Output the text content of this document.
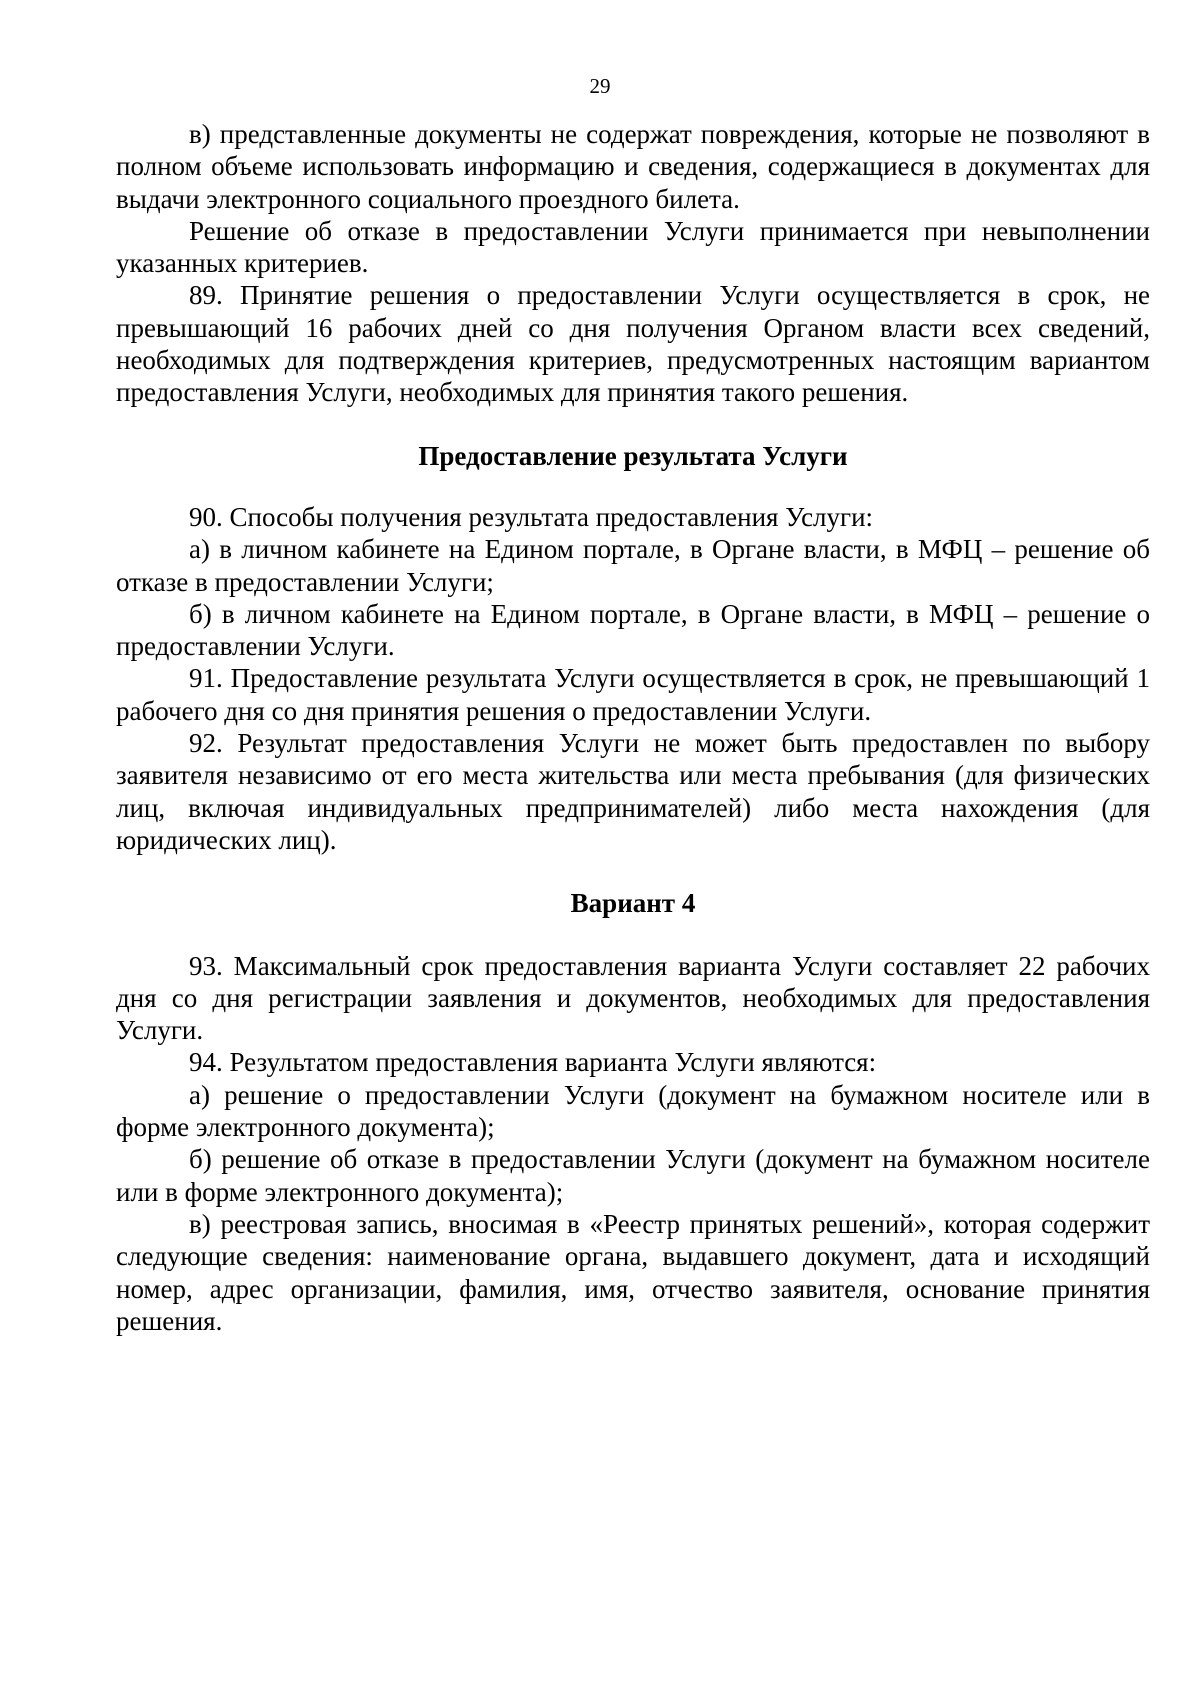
29

в) представленные документы не содержат повреждения, которые не позволяют в полном объеме использовать информацию и сведения, содержащиеся в документах для выдачи электронного социального проездного билета.

Решение об отказе в предоставлении Услуги принимается при невыполнении указанных критериев.

89. Принятие решения о предоставлении Услуги осуществляется в срок, не превышающий 16 рабочих дней со дня получения Органом власти всех сведений, необходимых для подтверждения критериев, предусмотренных настоящим вариантом предоставления Услуги, необходимых для принятия такого решения.

Предоставление результата Услуги

90. Способы получения результата предоставления Услуги:

а) в личном кабинете на Едином портале, в Органе власти, в МФЦ – решение об отказе в предоставлении Услуги;

б) в личном кабинете на Едином портале, в Органе власти, в МФЦ – решение о предоставлении Услуги.

91. Предоставление результата Услуги осуществляется в срок, не превышающий 1 рабочего дня со дня принятия решения о предоставлении Услуги.

92. Результат предоставления Услуги не может быть предоставлен по выбору заявителя независимо от его места жительства или места пребывания (для физических лиц, включая индивидуальных предпринимателей) либо места нахождения (для юридических лиц).

Вариант 4

93. Максимальный срок предоставления варианта Услуги составляет 22 рабочих дня со дня регистрации заявления и документов, необходимых для предоставления Услуги.

94. Результатом предоставления варианта Услуги являются:

а) решение о предоставлении Услуги (документ на бумажном носителе или в форме электронного документа);

б) решение об отказе в предоставлении Услуги (документ на бумажном носителе или в форме электронного документа);

в) реестровая запись, вносимая в «Реестр принятых решений», которая содержит следующие сведения: наименование органа, выдавшего документ, дата и исходящий номер, адрес организации, фамилия, имя, отчество заявителя, основание принятия решения.
